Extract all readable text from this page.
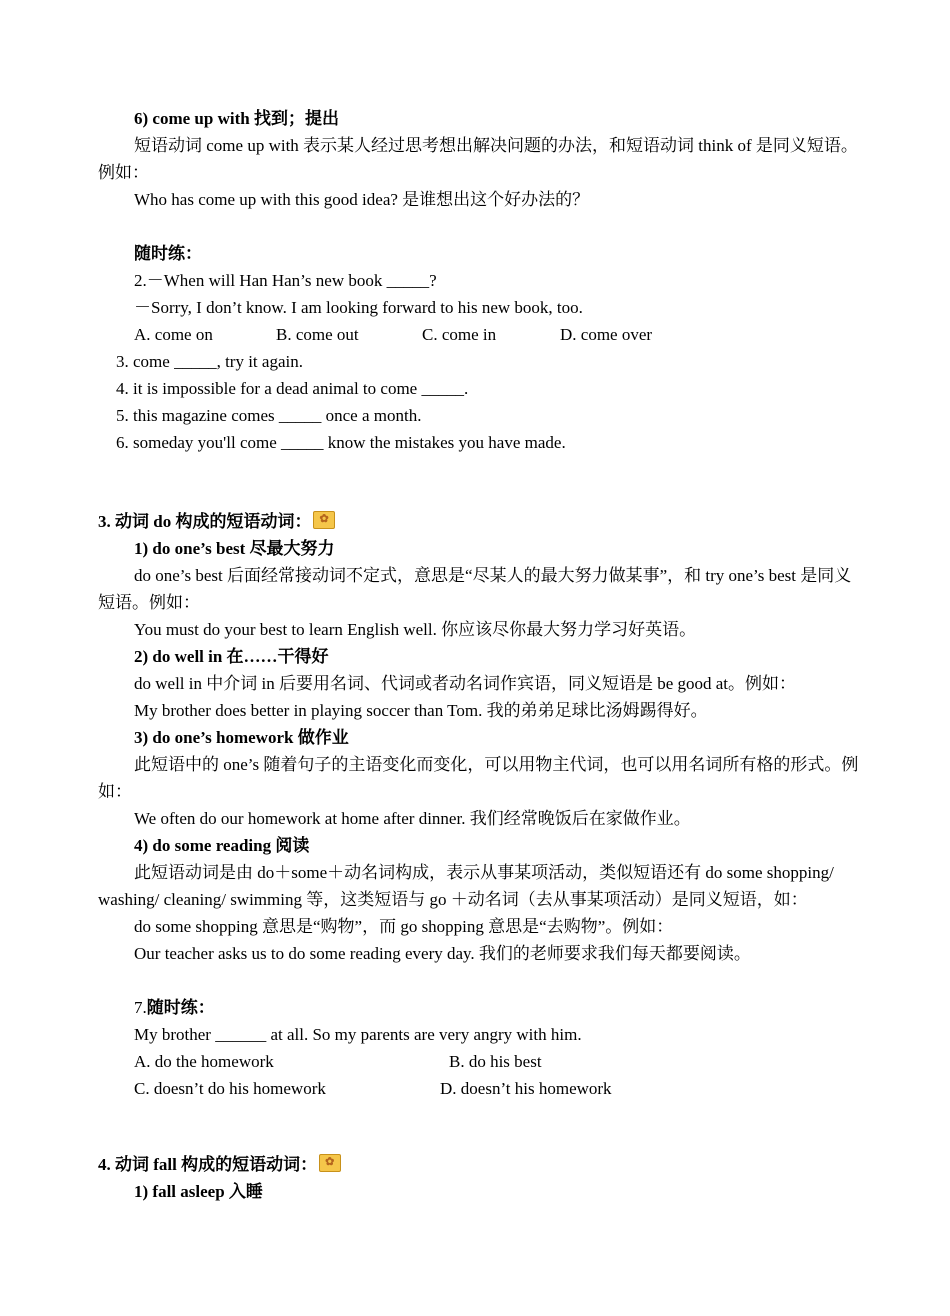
6) come up with 找到；提出

短语动词 come up with 表示某人经过思考想出解决问题的办法，和短语动词 think of 是同义短语。例如：

Who has come up with this good idea? 是谁想出这个好办法的？

随时练：

2.－When will Han Han’s new book _____?

－Sorry, I don’t know. I am looking forward to his new book, too.

A. come on	B. come out	C. come in	D. come over

3. come _____, try it again.

4. it is impossible for a dead animal to come _____.

5. this magazine comes _____ once a month.

6. someday you'll come _____ know the mistakes you have made.

3. 动词 do 构成的短语动词：✿

1) do one’s best 尽最大努力

do one’s best 后面经常接动词不定式，意思是“尽某人的最大努力做某事”，和 try one’s best 是同义短语。例如：

You must do your best to learn English well. 你应该尽你最大努力学习好英语。

2) do well in 在……干得好

do well in 中介词 in 后要用名词、代词或者动名词作宾语，同义短语是 be good at。例如：

My brother does better in playing soccer than Tom. 我的弟弟足球比汤姆踢得好。

3) do one’s homework 做作业

此短语中的 one’s 随着句子的主语变化而变化，可以用物主代词，也可以用名词所有格的形式。例如：

We often do our homework at home after dinner. 我们经常晚饭后在家做作业。

4) do some reading 阅读

此短语动词是由 do＋some＋动名词构成，表示从事某项活动，类似短语还有 do some shopping/ washing/ cleaning/ swimming 等，这类短语与 go ＋动名词（去从事某项活动）是同义短语，如：

do some shopping 意思是“购物”，而 go shopping 意思是“去购物”。例如：

Our teacher asks us to do some reading every day. 我们的老师要求我们每天都要阅读。

7.随时练：

My brother ______ at all. So my parents are very angry with him.

A. do the homework	B. do his best
C. doesn’t do his homework	D. doesn’t his homework

4. 动词 fall 构成的短语动词：✿

1) fall asleep 入睡
